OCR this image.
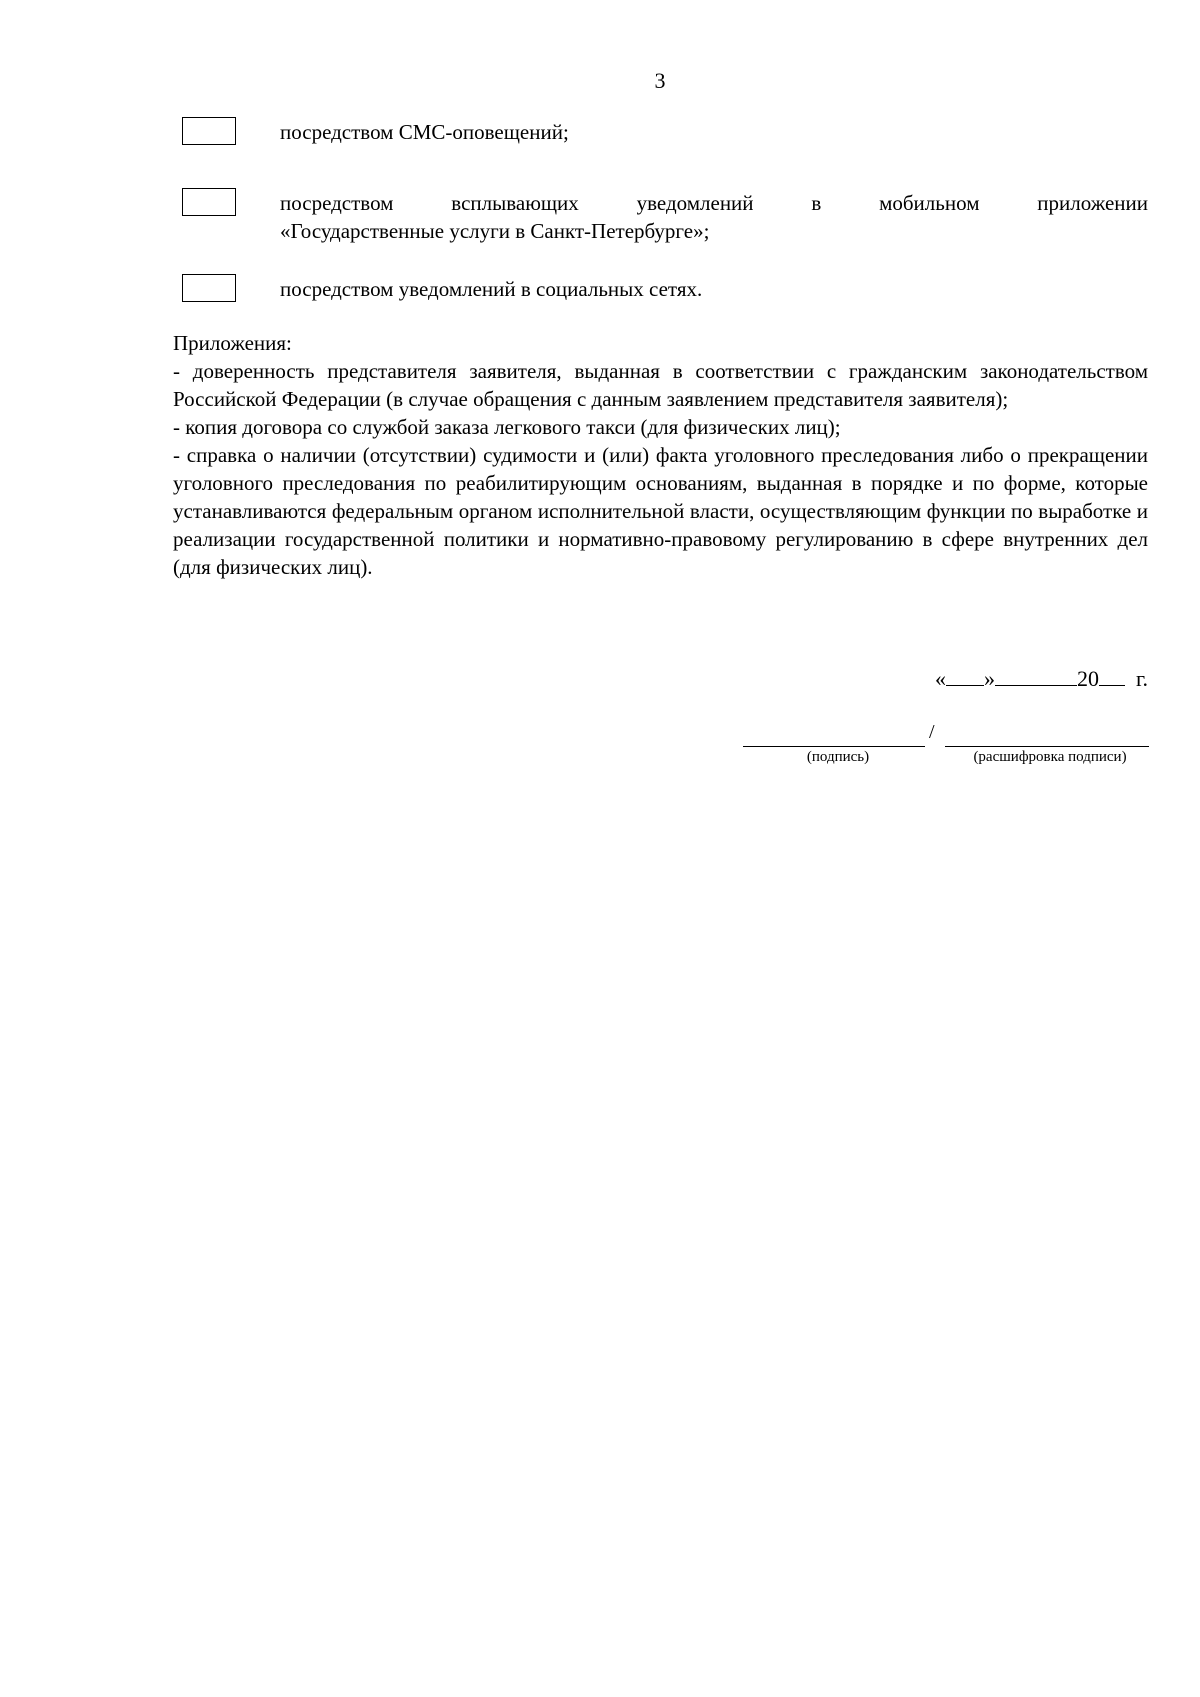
3
посредством СМС-оповещений;
посредством всплывающих уведомлений в мобильном приложении
«Государственные услуги в Санкт-Петербурге»;
посредством уведомлений в социальных сетях.
Приложения:
- доверенность представителя заявителя, выданная в соответствии с гражданским законодательством Российской Федерации (в случае обращения с данным заявлением представителя заявителя);
- копия договора со службой заказа легкового такси (для физических лиц);
- справка о наличии (отсутствии) судимости и (или) факта уголовного преследования либо о прекращении уголовного преследования по реабилитирующим основаниям, выданная в порядке и по форме, которые устанавливаются федеральным органом исполнительной власти, осуществляющим функции по выработке и реализации государственной политики и нормативно-правовому регулированию в сфере внутренних дел (для физических лиц).
« »	20 г.
/
(подпись)	(расшифровка подписи)
